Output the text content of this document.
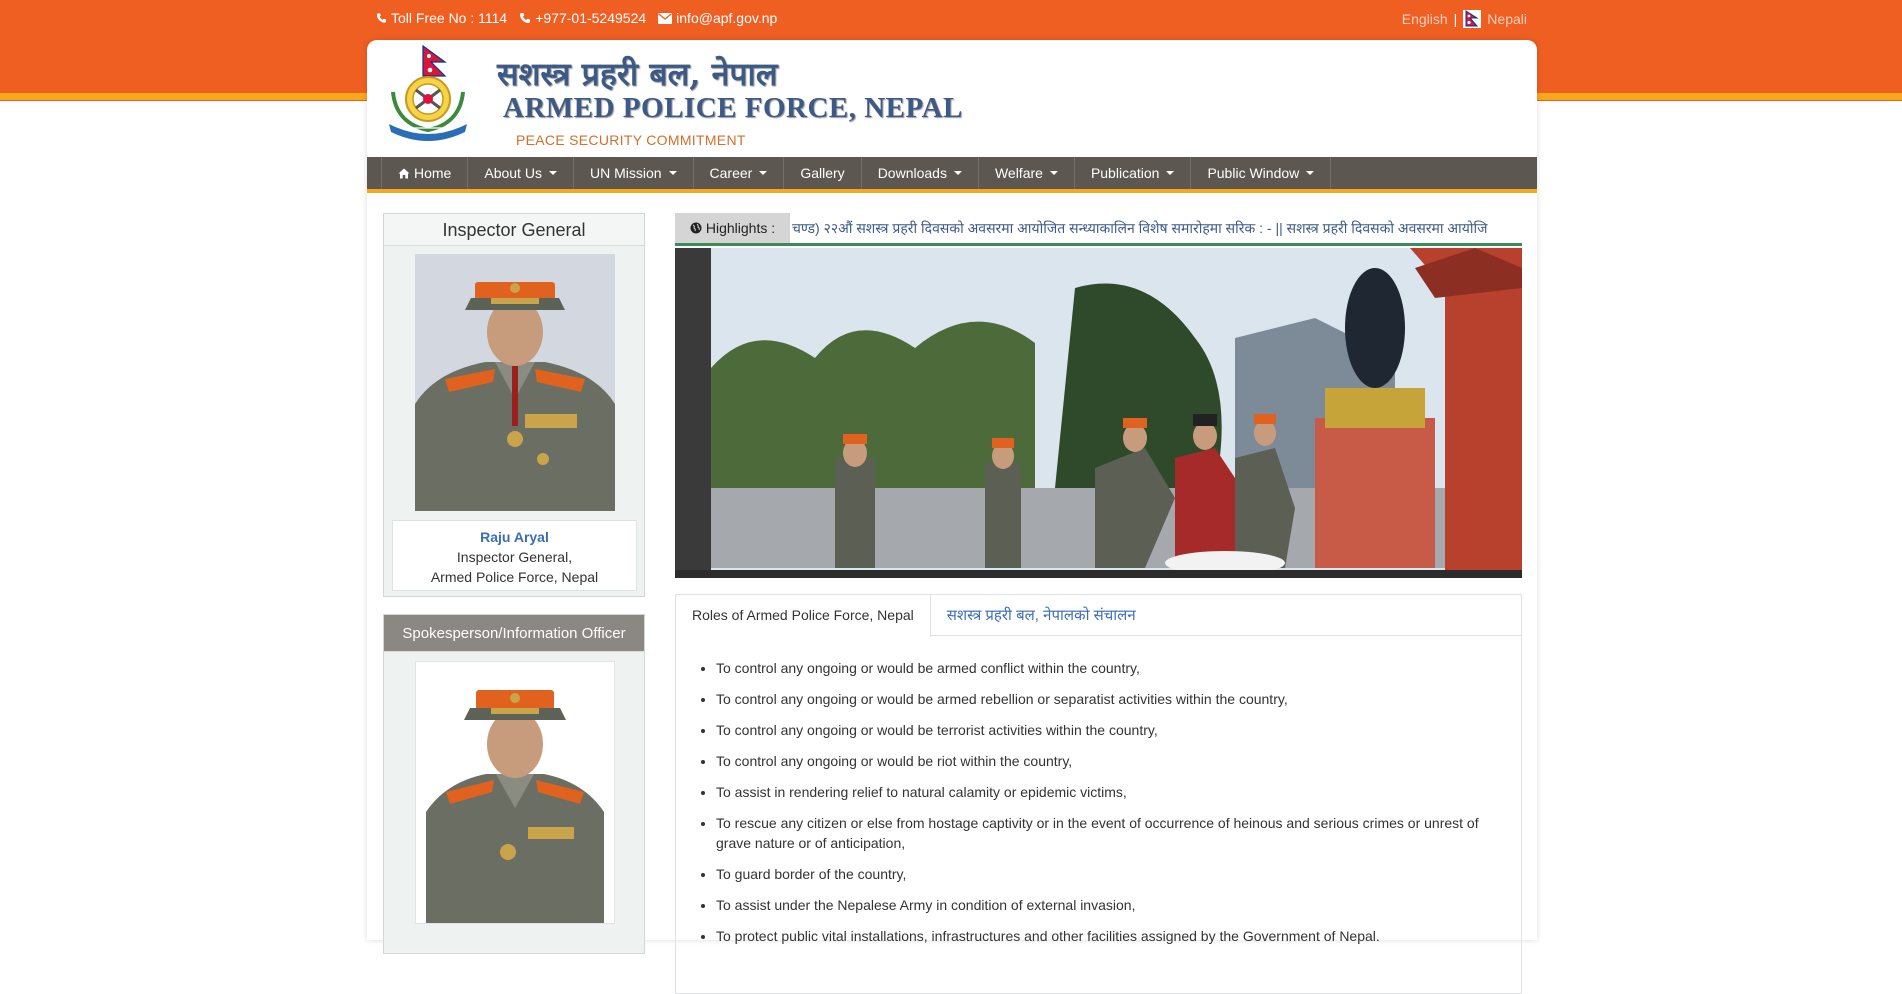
Toll Free No : 1114 +977-01-5249524 info@apf.gov.np	English | Nepali
सशस्त्र प्रहरी बल, नेपाल
ARMED POLICE FORCE, NEPAL
PEACE SECURITY COMMITMENT
Home About Us	UN Mission	Career	Gallery Downloads	Welfare	Publication	Public Window
Inspector General
Raju Aryal
Inspector General,
Armed Police Force, Nepal
Spokesperson/Information Officer
Highlights : चण्ड) २२औं सशस्त्र प्रहरी दिवसको अवसरमा आयोजित सन्ध्याकालिन विशेष समारोहमा सरिक : - || सशस्त्र प्रहरी दिवसको अवसरमा आयोजि
Roles of Armed Police Force, Nepal	सशस्त्र प्रहरी बल, नेपालको संचालन
• To control any ongoing or would be armed conflict within the country,
• To control any ongoing or would be armed rebellion or separatist activities within the country,
• To control any ongoing or would be terrorist activities within the country,
• To control any ongoing or would be riot within the country,
• To assist in rendering relief to natural calamity or epidemic victims,
• To rescue any citizen or else from hostage captivity or in the event of occurrence of heinous and serious crimes or unrest of grave nature or of anticipation,
• To guard border of the country,
• To assist under the Nepalese Army in condition of external invasion,
• To protect public vital installations, infrastructures and other facilities assigned by the Government of Nepal.
